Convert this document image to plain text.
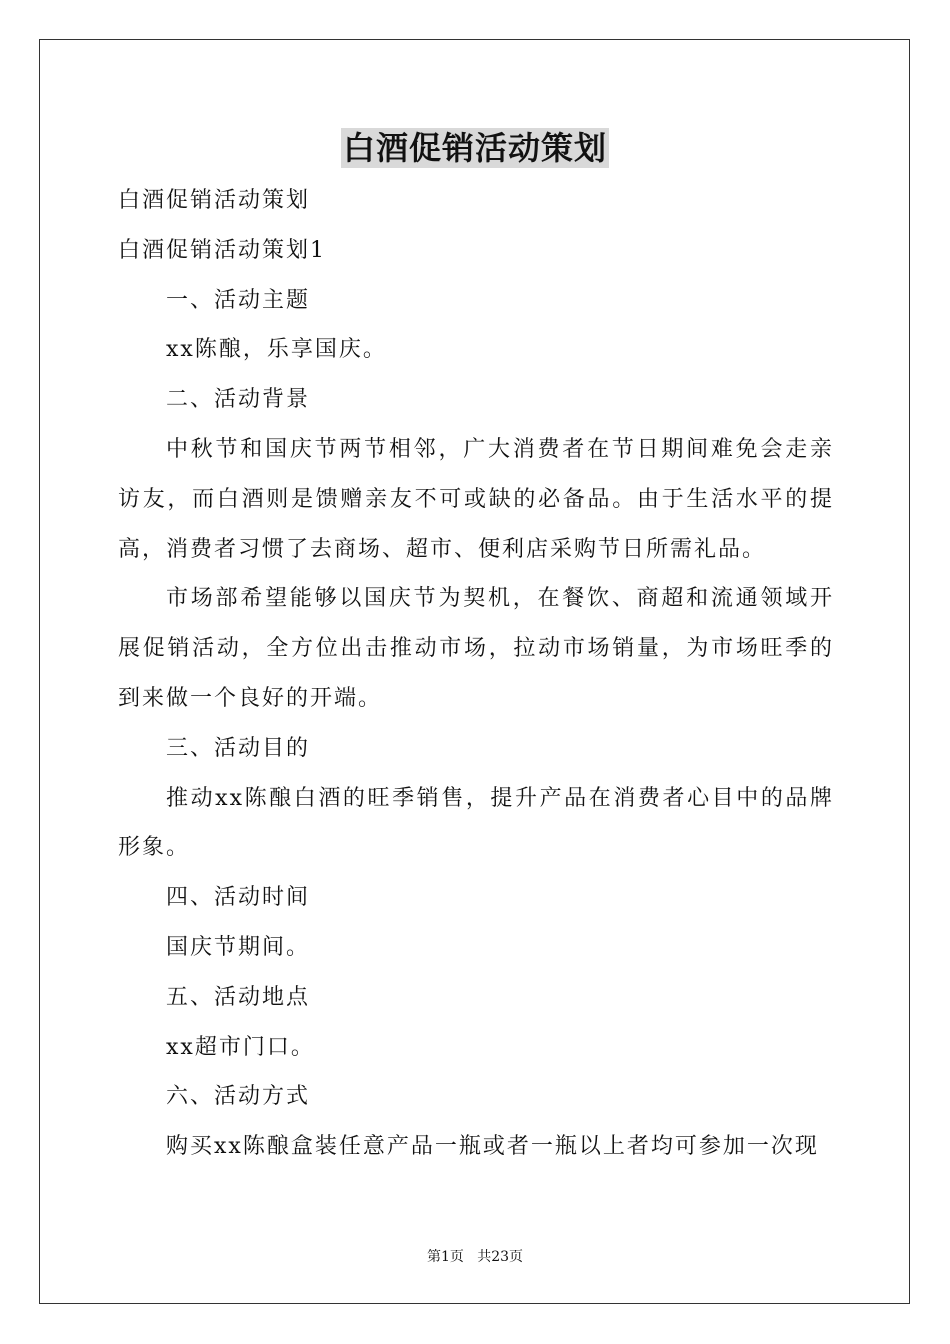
白酒促销活动策划

白酒促销活动策划

白酒促销活动策划1

一、活动主题

xx陈酿，乐享国庆。

二、活动背景

中秋节和国庆节两节相邻，广大消费者在节日期间难免会走亲访友，而白酒则是馈赠亲友不可或缺的必备品。由于生活水平的提高，消费者习惯了去商场、超市、便利店采购节日所需礼品。

市场部希望能够以国庆节为契机，在餐饮、商超和流通领域开展促销活动，全方位出击推动市场，拉动市场销量，为市场旺季的到来做一个良好的开端。

三、活动目的

推动xx陈酿白酒的旺季销售，提升产品在消费者心目中的品牌形象。

四、活动时间

国庆节期间。

五、活动地点

xx超市门口。

六、活动方式

购买xx陈酿盒装任意产品一瓶或者一瓶以上者均可参加一次现

第1页   共23页
